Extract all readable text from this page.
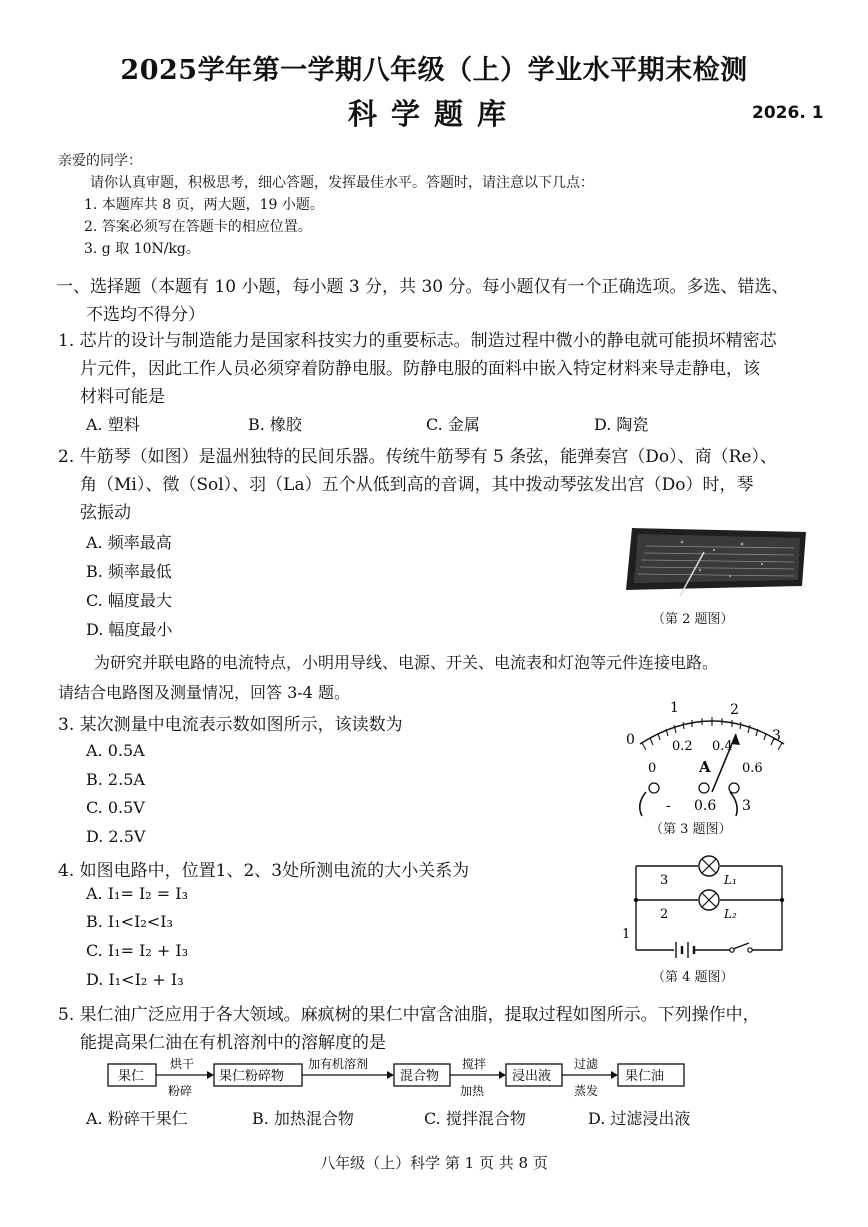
2025学年第一学期八年级（上）学业水平期末检测
科学题库	2026. 1
亲爱的同学：
请你认真审题，积极思考，细心答题，发挥最佳水平。答题时，请注意以下几点：
1. 本题库共 8 页，两大题，19 小题。
2. 答案必须写在答题卡的相应位置。
3. g 取 10N/kg。
一、选择题（本题有 10 小题，每小题 3 分，共 30 分。每小题仅有一个正确选项。多选、错选、
不选均不得分）
1. 芯片的设计与制造能力是国家科技实力的重要标志。制造过程中微小的静电就可能损坏精密芯
片元件，因此工作人员必须穿着防静电服。防静电服的面料中嵌入特定材料来导走静电，该
材料可能是
A. 塑料	B. 橡胶	C. 金属	D. 陶瓷
2. 牛筋琴（如图）是温州独特的民间乐器。传统牛筋琴有 5 条弦，能弹奏宫（Do）、商（Re）、
角（Mi）、徵（Sol）、羽（La）五个从低到高的音调，其中拨动琴弦发出宫（Do）时，琴
弦振动
A. 频率最高
B. 频率最低
C. 幅度最大
D. 幅度最小
（第 2 题图）
为研究并联电路的电流特点，小明用导线、电源、开关、电流表和灯泡等元件连接电路。
请结合电路图及测量情况，回答 3-4 题。
3. 某次测量中电流表示数如图所示，该读数为
A. 0.5A
B. 2.5A
C. 0.5V
D. 2.5V
0
1	2
3
0
0.2 0.4
0.6
A
- 0.6 3
（第 3 题图）
4. 如图电路中，位置1、2、3处所测电流的大小关系为
A. I₁= I₂ = I₃
B. I₁<I₂<I₃
C. I₁= I₂ + I₃
D. I₁<I₂ + I₃
3
2
1
L₁
L₂
（第 4 题图）
5. 果仁油广泛应用于各大领域。麻疯树的果仁中富含油脂，提取过程如图所示。下列操作中，
能提高果仁油在有机溶剂中的溶解度的是
果仁	果仁粉碎物	混合物	浸出液	果仁油
烘干
粉碎
加有机溶剂	搅拌
加热
过滤
蒸发
A. 粉碎干果仁	B. 加热混合物	C. 搅拌混合物	D. 过滤浸出液
八年级（上）科学 第 1 页 共 8 页
